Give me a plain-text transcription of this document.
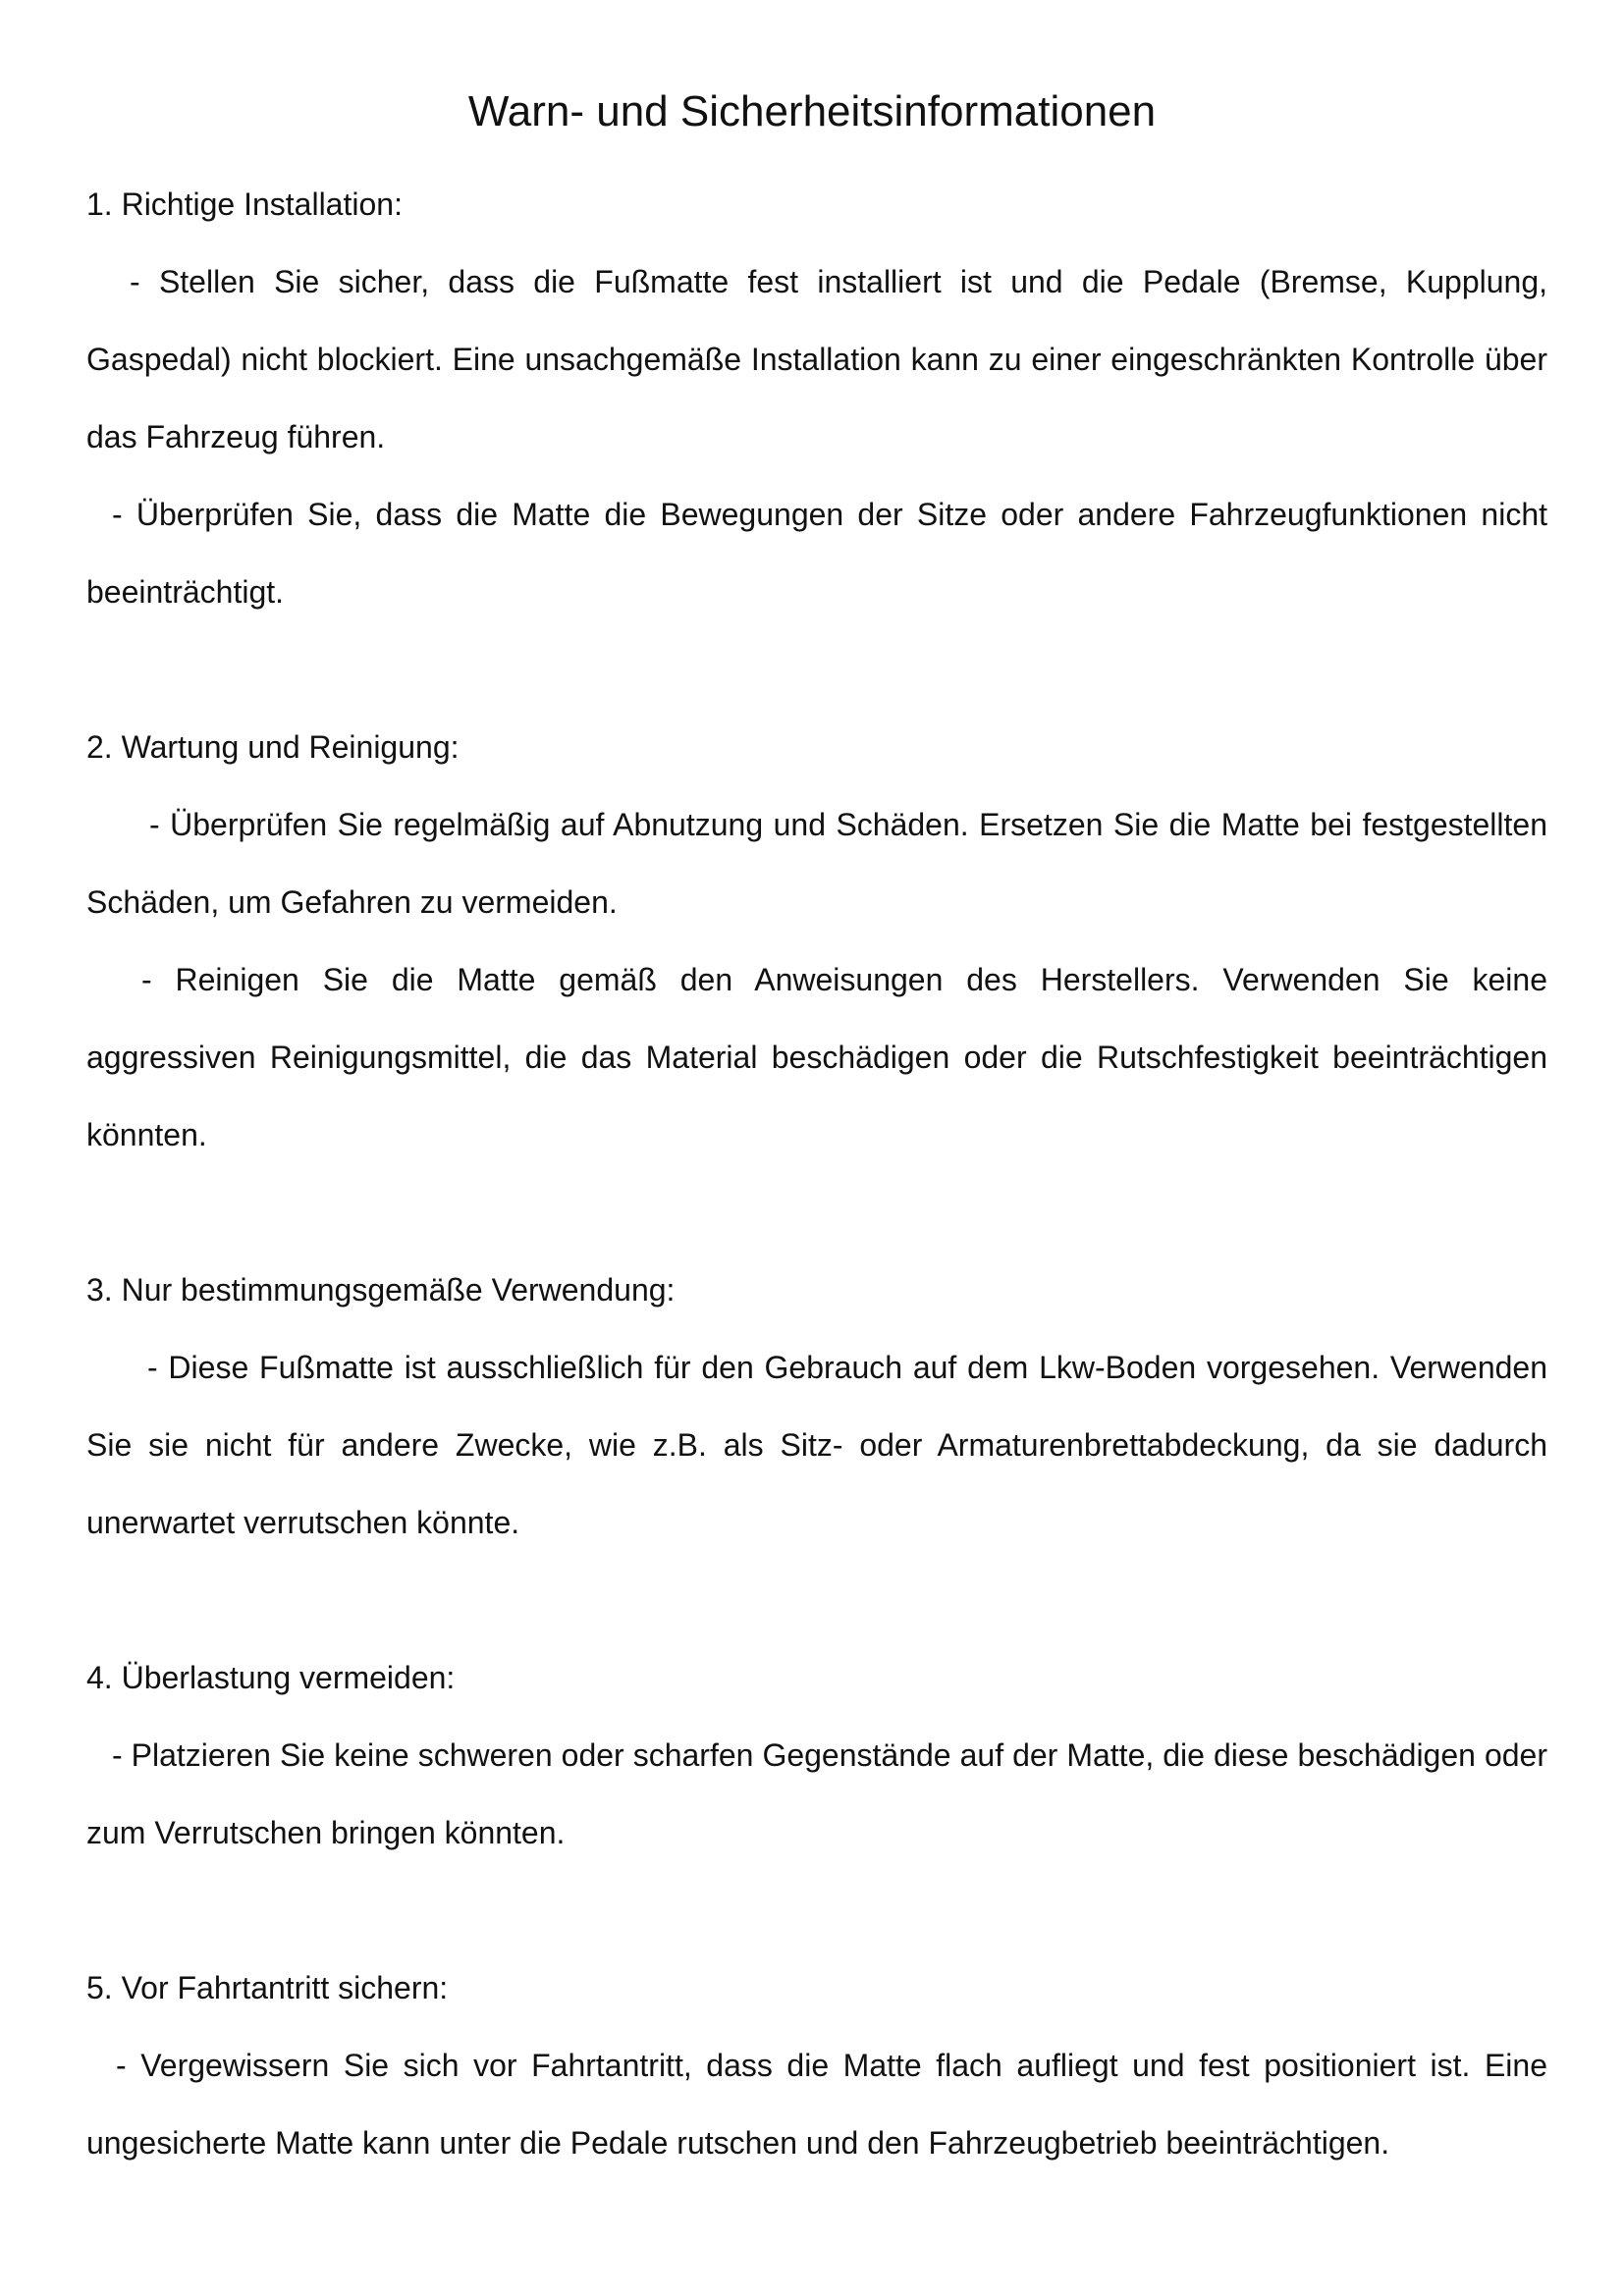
Warn- und Sicherheitsinformationen

1. Richtige Installation:

- Stellen Sie sicher, dass die Fußmatte fest installiert ist und die Pedale (Bremse, Kupplung, Gaspedal) nicht blockiert. Eine unsachgemäße Installation kann zu einer eingeschränkten Kontrolle über das Fahrzeug führen.

- Überprüfen Sie, dass die Matte die Bewegungen der Sitze oder andere Fahrzeugfunktionen nicht beeinträchtigt.

2. Wartung und Reinigung:

- Überprüfen Sie regelmäßig auf Abnutzung und Schäden. Ersetzen Sie die Matte bei festgestellten Schäden, um Gefahren zu vermeiden.

- Reinigen Sie die Matte gemäß den Anweisungen des Herstellers. Verwenden Sie keine aggressiven Reinigungsmittel, die das Material beschädigen oder die Rutschfestigkeit beeinträchtigen könnten.

3. Nur bestimmungsgemäße Verwendung:

- Diese Fußmatte ist ausschließlich für den Gebrauch auf dem Lkw-Boden vorgesehen. Verwenden Sie sie nicht für andere Zwecke, wie z.B. als Sitz- oder Armaturenbrettabdeckung, da sie dadurch unerwartet verrutschen könnte.

4. Überlastung vermeiden:

- Platzieren Sie keine schweren oder scharfen Gegenstände auf der Matte, die diese beschädigen oder zum Verrutschen bringen könnten.

5. Vor Fahrtantritt sichern:

- Vergewissern Sie sich vor Fahrtantritt, dass die Matte flach aufliegt und fest positioniert ist. Eine ungesicherte Matte kann unter die Pedale rutschen und den Fahrzeugbetrieb beeinträchtigen.
